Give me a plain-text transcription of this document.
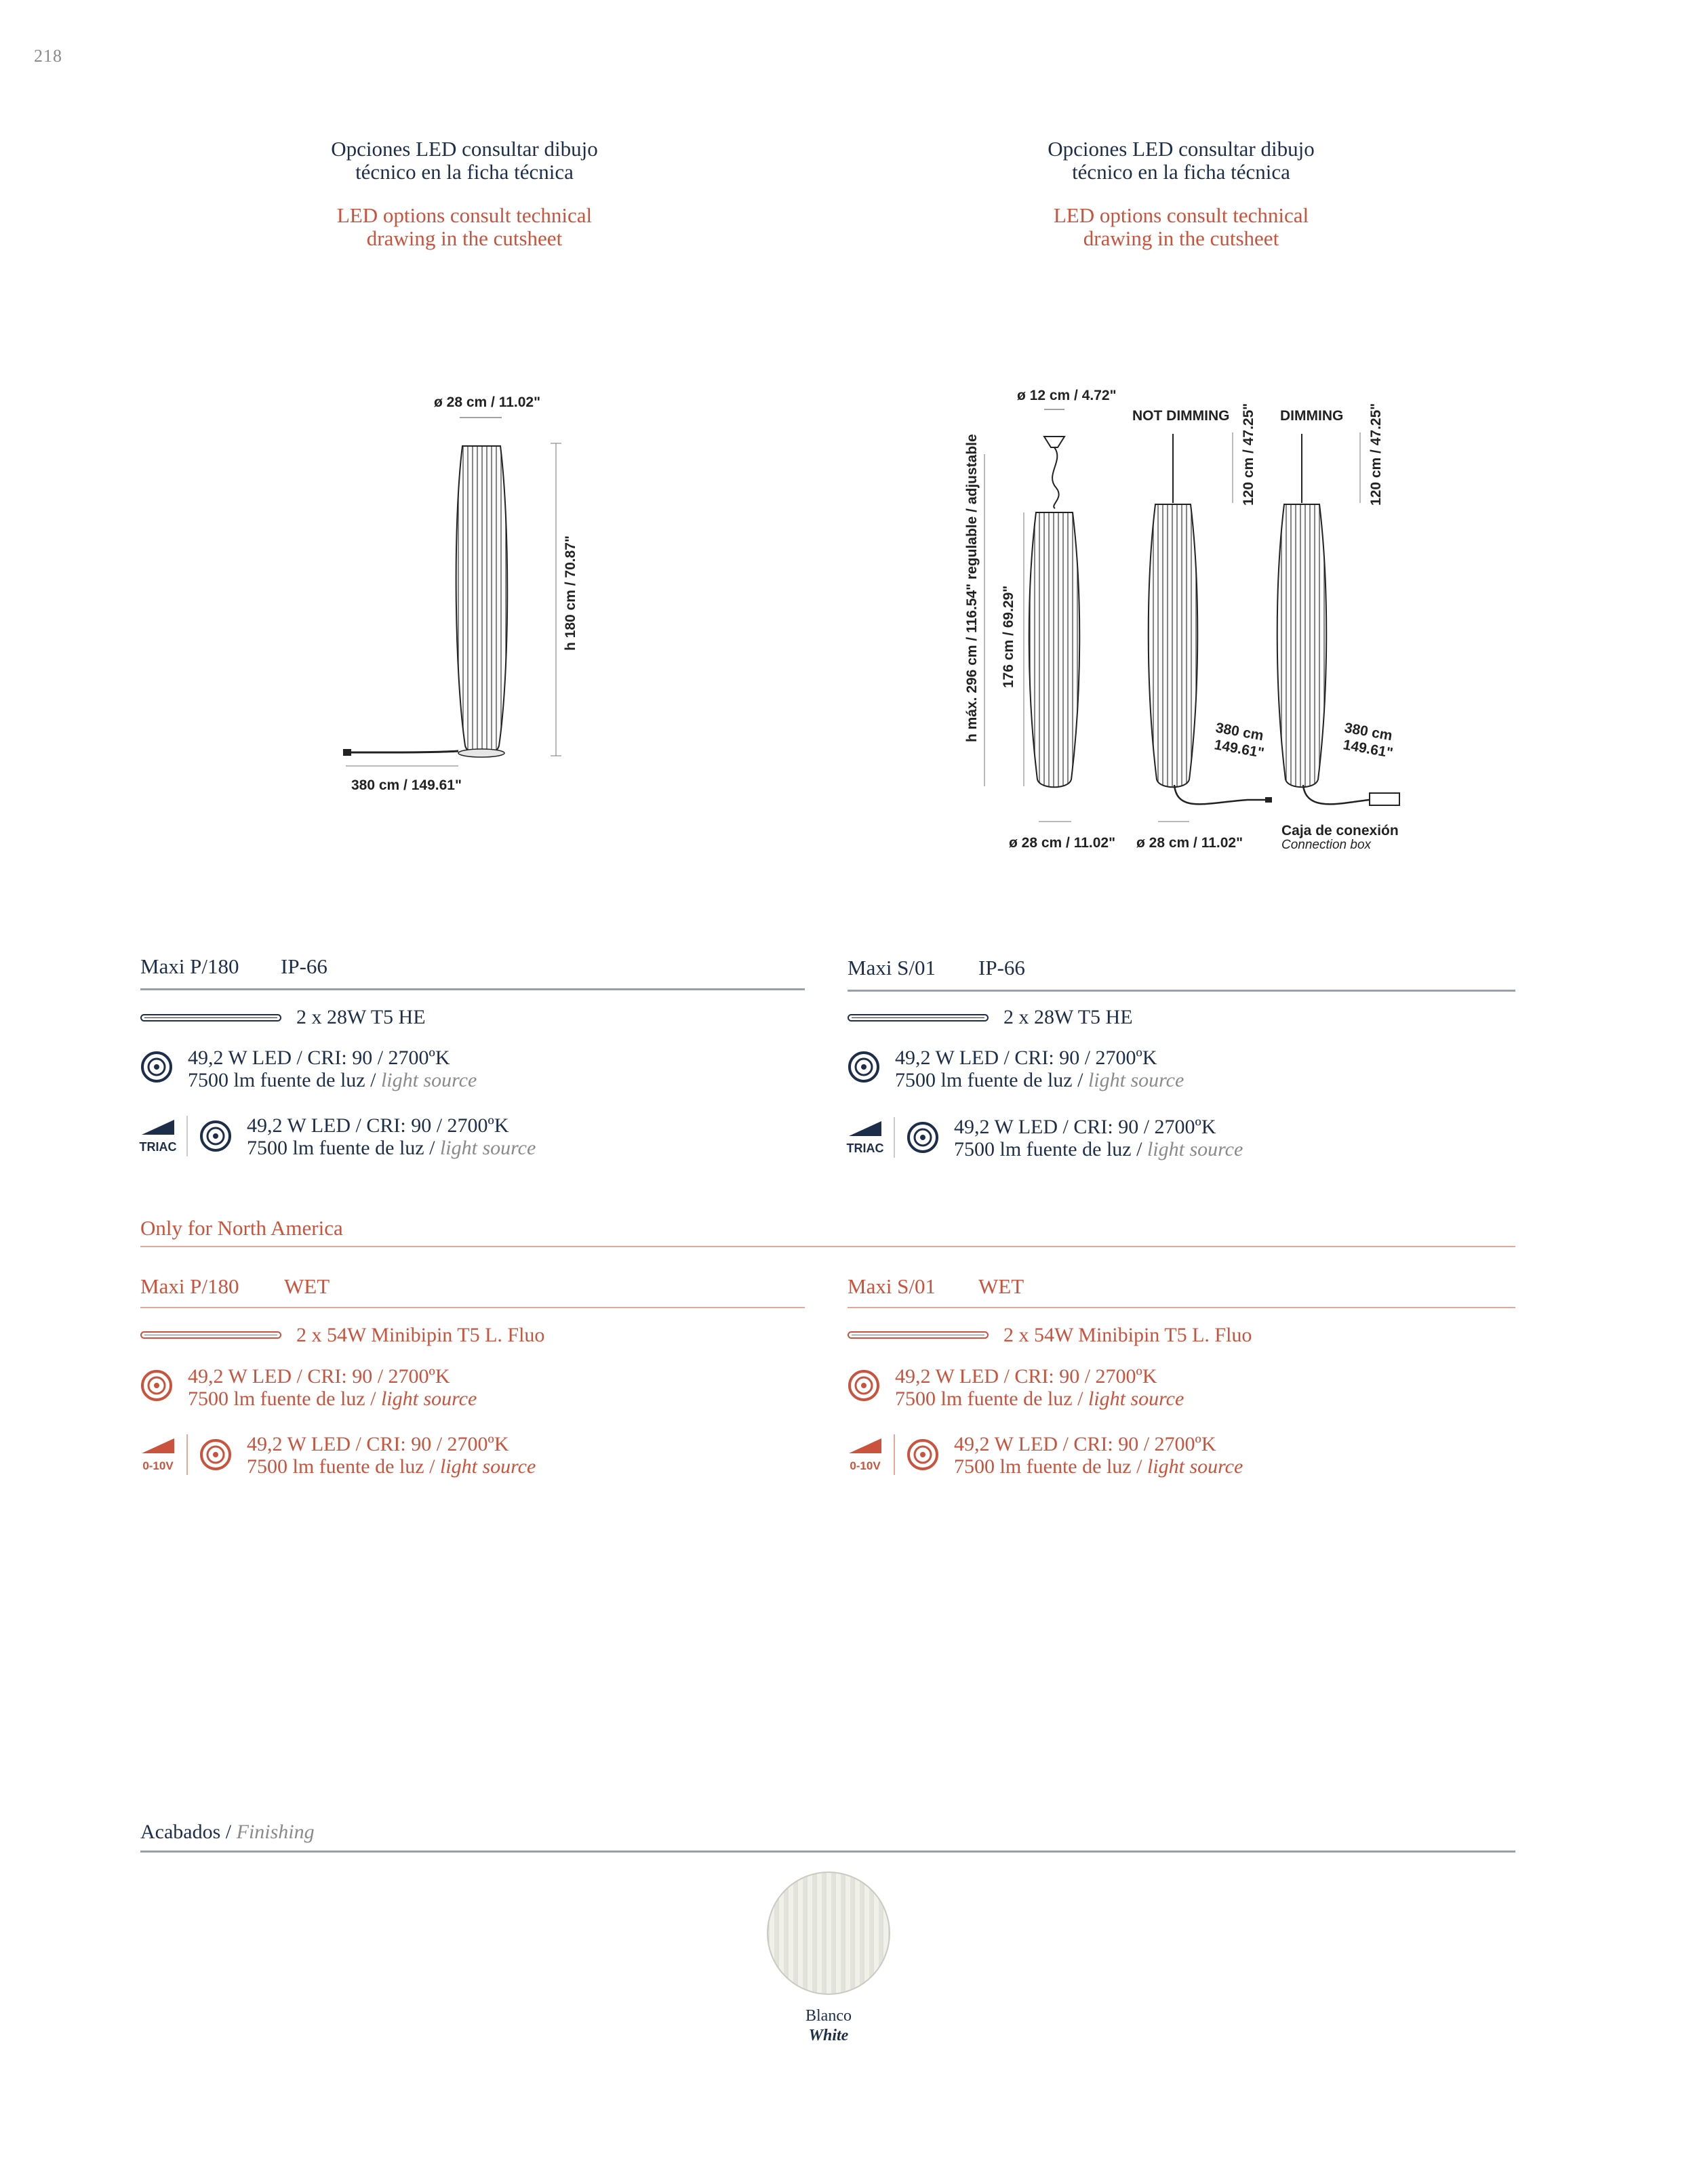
218

Opciones LED consultar dibujo
técnico en la ficha técnica

LED options consult technical
drawing in the cutsheet

Opciones LED consultar dibujo
técnico en la ficha técnica

LED options consult technical
drawing in the cutsheet

ø 28 cm / 11.02"
h 180 cm / 70.87"
380 cm / 149.61"
ø 12 cm / 4.72"
NOT DIMMING	DIMMING
h máx. 296 cm / 116.54" regulable / adjustable 176 cm / 69.29"
120 cm / 47.25"	120 cm / 47.25"
380 cm
149.61"
380 cm
149.61"
ø 28 cm / 11.02" ø 28 cm / 11.02"
Caja de conexión
Connection box
Maxi P/180 IP-66
2 x 28W T5 HE
49,2 W LED / CRI: 90 / 2700ºK
7500 lm fuente de luz / light source
TRIAC
49,2 W LED / CRI: 90 / 2700ºK
7500 lm fuente de luz / light source
Maxi S/01 IP-66
2 x 28W T5 HE
49,2 W LED / CRI: 90 / 2700ºK
7500 lm fuente de luz / light source
TRIAC
49,2 W LED / CRI: 90 / 2700ºK
7500 lm fuente de luz / light source
Only for North America
Maxi P/180 WET
2 x 54W Minibipin T5 L. Fluo
49,2 W LED / CRI: 90 / 2700ºK
7500 lm fuente de luz / light source
0-10V
49,2 W LED / CRI: 90 / 2700ºK
7500 lm fuente de luz / light source
Maxi S/01 WET
2 x 54W Minibipin T5 L. Fluo
49,2 W LED / CRI: 90 / 2700ºK
7500 lm fuente de luz / light source
0-10V
49,2 W LED / CRI: 90 / 2700ºK
7500 lm fuente de luz / light source
Acabados / Finishing
Blanco
White
